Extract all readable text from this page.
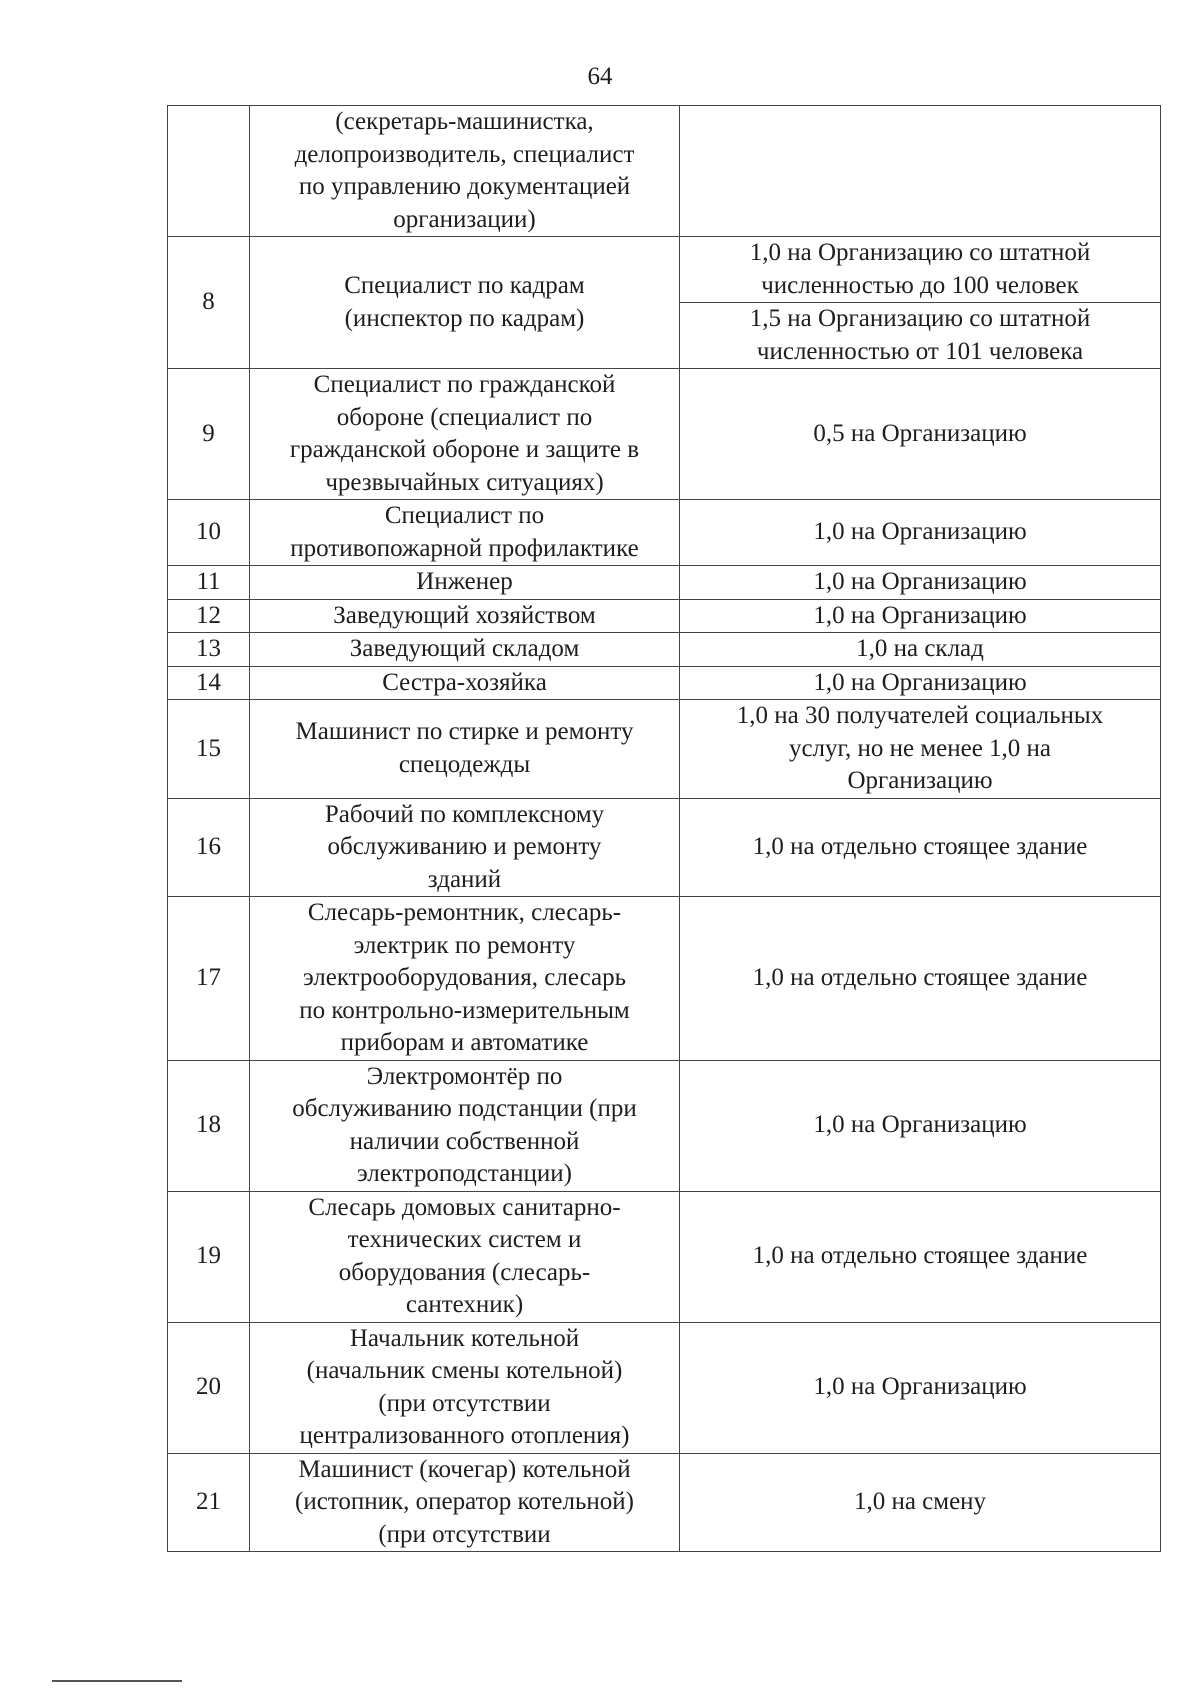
64
	(секретарь-машинистка,
делопроизводитель, специалист
по управлению документацией
организации)	
8	Специалист по кадрам
(инспектор по кадрам)	1,0 на Организацию со штатной
численностью до 100 человек
		1,5 на Организацию со штатной
численностью от 101 человека
9	Специалист по гражданской
обороне (специалист по
гражданской обороне и защите в
чрезвычайных ситуациях)	0,5 на Организацию
10	Специалист по
противопожарной профилактике	1,0 на Организацию
11	Инженер	1,0 на Организацию
12	Заведующий хозяйством	1,0 на Организацию
13	Заведующий складом	1,0 на склад
14	Сестра-хозяйка	1,0 на Организацию
15	Машинист по стирке и ремонту
спецодежды	1,0 на 30 получателей социальных
услуг, но не менее 1,0 на
Организацию
16	Рабочий по комплексному
обслуживанию и ремонту
зданий	1,0 на отдельно стоящее здание
17	Слесарь-ремонтник, слесарь-
электрик по ремонту
электрооборудования, слесарь
по контрольно-измерительным
приборам и автоматике	1,0 на отдельно стоящее здание
18	Электромонтёр по
обслуживанию подстанции (при
наличии собственной
электроподстанции)	1,0 на Организацию
19	Слесарь домовых санитарно-
технических систем и
оборудования (слесарь-
сантехник)	1,0 на отдельно стоящее здание
20	Начальник котельной
(начальник смены котельной)
(при отсутствии
централизованного отопления)	1,0 на Организацию
21	Машинист (кочегар) котельной
(истопник, оператор котельной)
(при отсутствии	1,0 на смену
